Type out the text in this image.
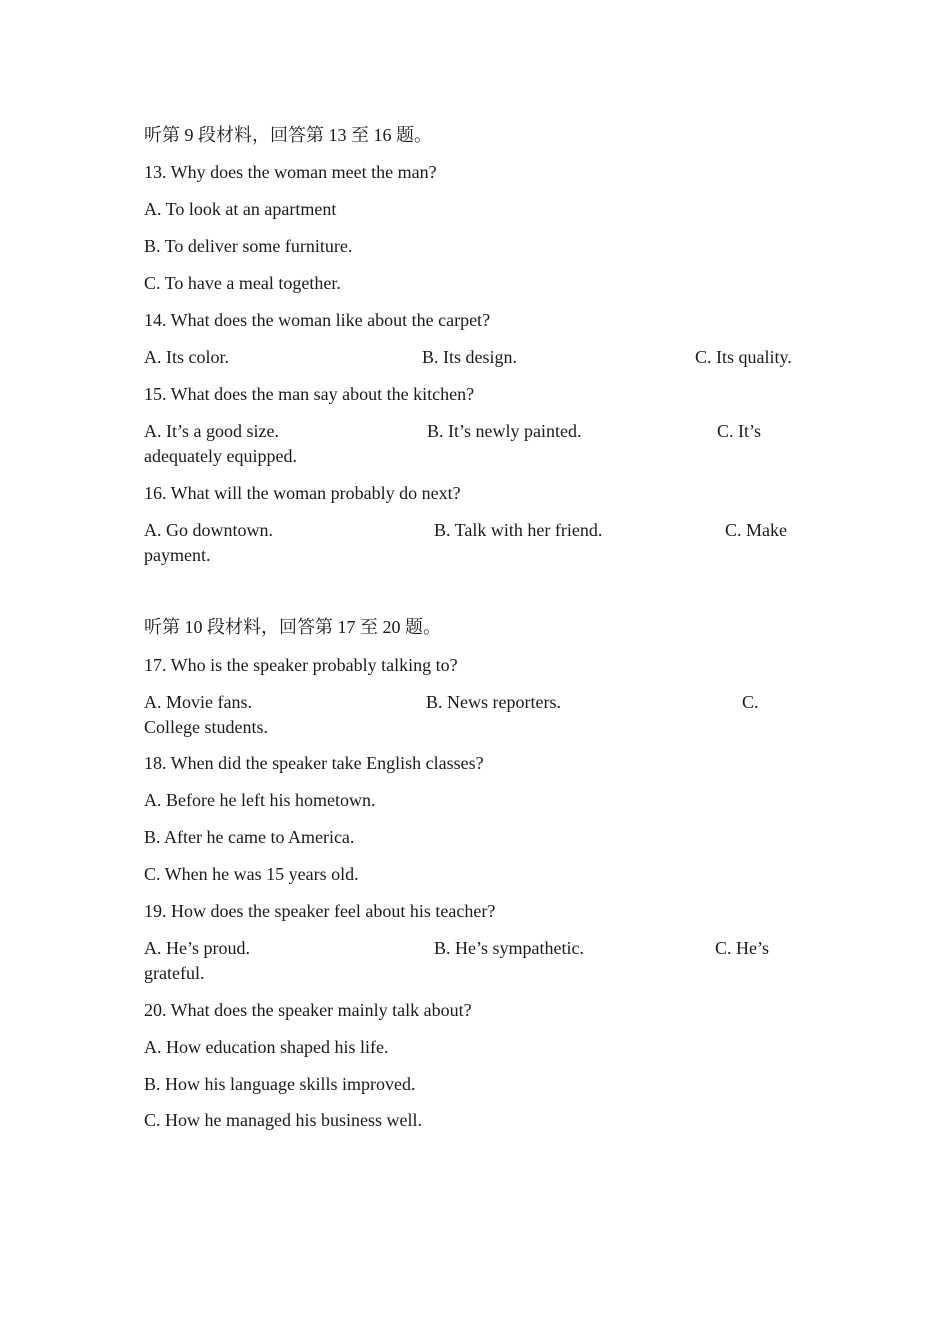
听第 9 段材料，回答第 13 至 16 题。
13. Why does the woman meet the man?
A. To look at an apartment
B. To deliver some furniture.
C. To have a meal together.
14. What does the woman like about the carpet?
A. Its color.	B. Its design.	C. Its quality.
15. What does the man say about the kitchen?
A. It’s a good size.	B. It’s newly painted.	C. It’s
adequately equipped.
16. What will the woman probably do next?
A. Go downtown.	B. Talk with her friend.	C. Make
payment.
听第 10 段材料，回答第 17 至 20 题。
17. Who is the speaker probably talking to?
A. Movie fans.	B. News reporters.	C.
College students.
18. When did the speaker take English classes?
A. Before he left his hometown.
B. After he came to America.
C. When he was 15 years old.
19. How does the speaker feel about his teacher?
A. He’s proud.	B. He’s sympathetic.	C. He’s
grateful.
20. What does the speaker mainly talk about?
A. How education shaped his life.
B. How his language skills improved.
C. How he managed his business well.
